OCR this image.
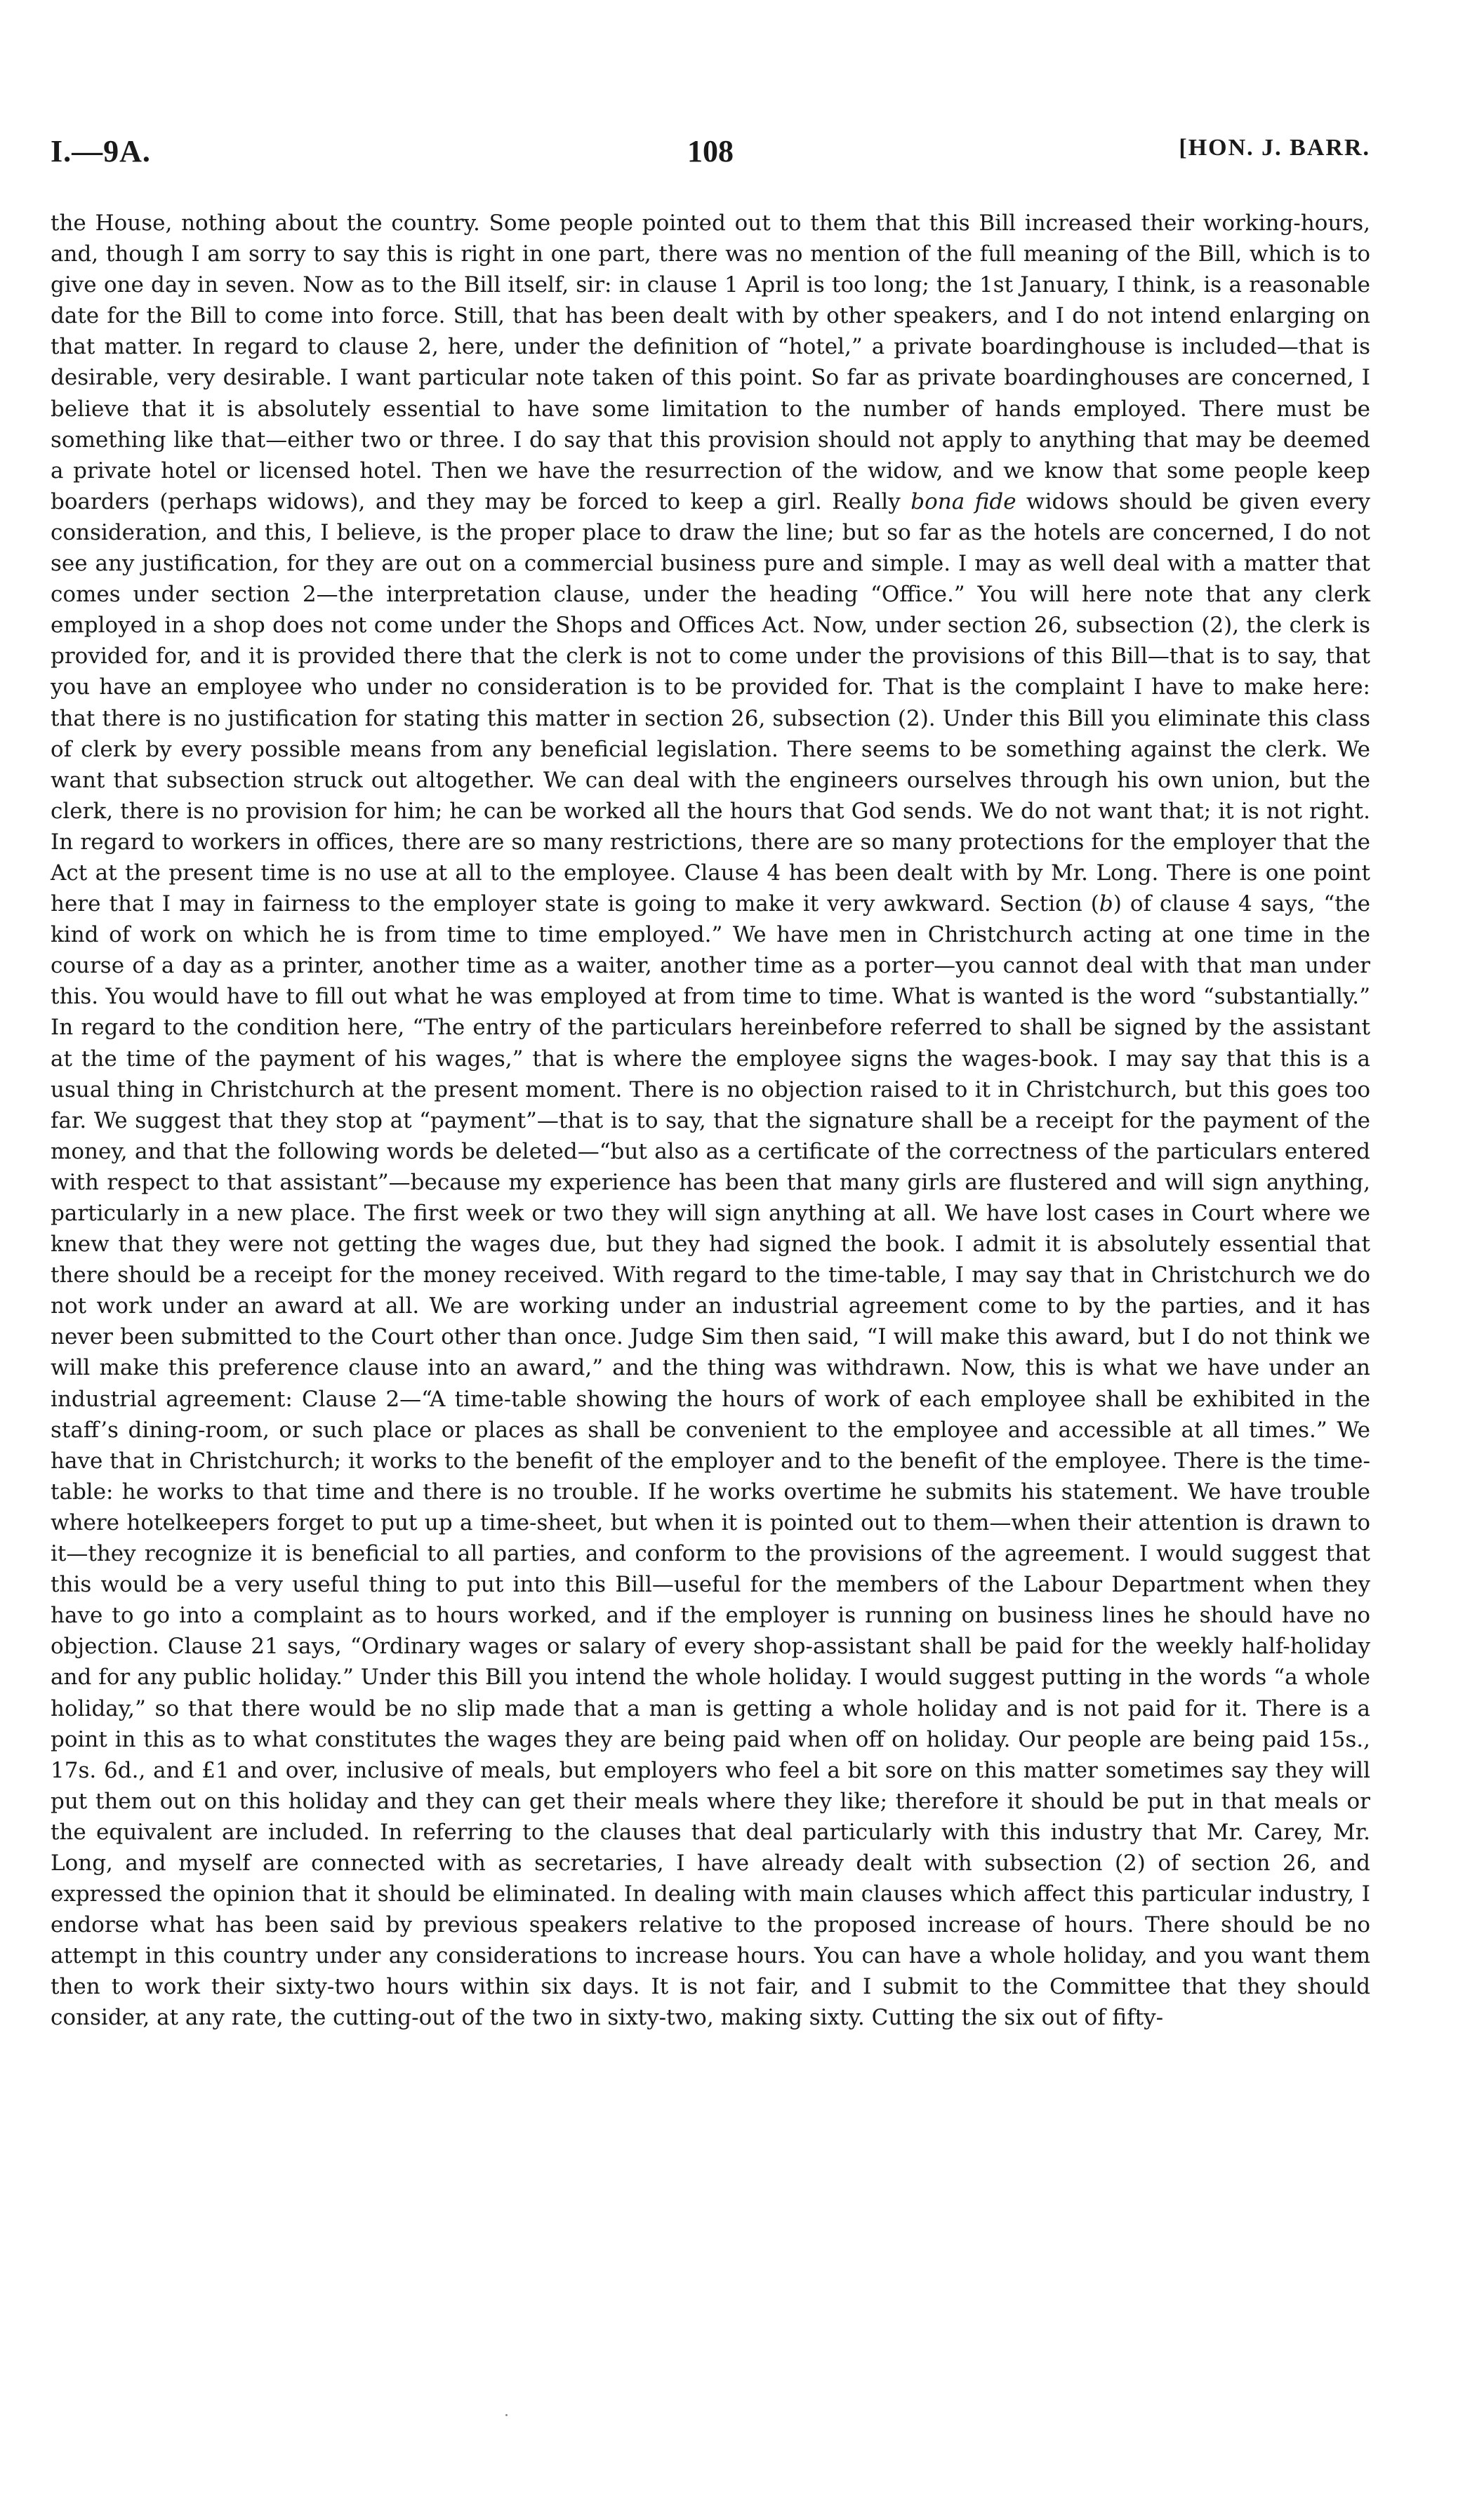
I.—9A.	108	[HON. J. BARR.

the House, nothing about the country. Some people pointed out to them that this Bill increased their working-hours, and, though I am sorry to say this is right in one part, there was no mention of the full meaning of the Bill, which is to give one day in seven. Now as to the Bill itself, sir: in clause 1 April is too long; the 1st January, I think, is a reasonable date for the Bill to come into force. Still, that has been dealt with by other speakers, and I do not intend enlarging on that matter. In regard to clause 2, here, under the definition of “hotel,” a private boardinghouse is included—that is desirable, very desirable. I want particular note taken of this point. So far as private boardinghouses are concerned, I believe that it is absolutely essential to have some limitation to the number of hands employed. There must be something like that—either two or three. I do say that this provision should not apply to anything that may be deemed a private hotel or licensed hotel. Then we have the resurrection of the widow, and we know that some people keep boarders (perhaps widows), and they may be forced to keep a girl. Really bona fide widows should be given every consideration, and this, I believe, is the proper place to draw the line; but so far as the hotels are concerned, I do not see any justification, for they are out on a commercial business pure and simple. I may as well deal with a matter that comes under section 2—the interpretation clause, under the heading “Office.” You will here note that any clerk employed in a shop does not come under the Shops and Offices Act. Now, under section 26, subsection (2), the clerk is provided for, and it is provided there that the clerk is not to come under the provisions of this Bill—that is to say, that you have an employee who under no consideration is to be provided for. That is the complaint I have to make here: that there is no justification for stating this matter in section 26, subsection (2). Under this Bill you eliminate this class of clerk by every possible means from any beneficial legislation. There seems to be something against the clerk. We want that subsection struck out altogether. We can deal with the engineers ourselves through his own union, but the clerk, there is no provision for him; he can be worked all the hours that God sends. We do not want that; it is not right. In regard to workers in offices, there are so many restrictions, there are so many protections for the employer that the Act at the present time is no use at all to the employee. Clause 4 has been dealt with by Mr. Long. There is one point here that I may in fairness to the employer state is going to make it very awkward. Section (b) of clause 4 says, “the kind of work on which he is from time to time employed.” We have men in Christchurch acting at one time in the course of a day as a printer, another time as a waiter, another time as a porter—you cannot deal with that man under this. You would have to fill out what he was employed at from time to time. What is wanted is the word “substantially.” In regard to the condition here, “The entry of the particulars hereinbefore referred to shall be signed by the assistant at the time of the payment of his wages,” that is where the employee signs the wages-book. I may say that this is a usual thing in Christchurch at the present moment. There is no objection raised to it in Christchurch, but this goes too far. We suggest that they stop at “payment”—that is to say, that the signature shall be a receipt for the payment of the money, and that the following words be deleted—“but also as a certificate of the correctness of the particulars entered with respect to that assistant”—because my experience has been that many girls are flustered and will sign anything, particularly in a new place. The first week or two they will sign anything at all. We have lost cases in Court where we knew that they were not getting the wages due, but they had signed the book. I admit it is absolutely essential that there should be a receipt for the money received. With regard to the time-table, I may say that in Christchurch we do not work under an award at all. We are working under an industrial agreement come to by the parties, and it has never been submitted to the Court other than once. Judge Sim then said, “I will make this award, but I do not think we will make this preference clause into an award,” and the thing was withdrawn. Now, this is what we have under an industrial agreement: Clause 2—“A time-table showing the hours of work of each employee shall be exhibited in the staff’s dining-room, or such place or places as shall be convenient to the employee and accessible at all times.” We have that in Christchurch; it works to the benefit of the employer and to the benefit of the employee. There is the time-table: he works to that time and there is no trouble. If he works overtime he submits his statement. We have trouble where hotelkeepers forget to put up a time-sheet, but when it is pointed out to them—when their attention is drawn to it—they recognize it is beneficial to all parties, and conform to the provisions of the agreement. I would suggest that this would be a very useful thing to put into this Bill—useful for the members of the Labour Department when they have to go into a complaint as to hours worked, and if the employer is running on business lines he should have no objection. Clause 21 says, “Ordinary wages or salary of every shop-assistant shall be paid for the weekly half-holiday and for any public holiday.” Under this Bill you intend the whole holiday. I would suggest putting in the words “a whole holiday,” so that there would be no slip made that a man is getting a whole holiday and is not paid for it. There is a point in this as to what constitutes the wages they are being paid when off on holiday. Our people are being paid 15s., 17s. 6d., and £1 and over, inclusive of meals, but employers who feel a bit sore on this matter sometimes say they will put them out on this holiday and they can get their meals where they like; therefore it should be put in that meals or the equivalent are included. In referring to the clauses that deal particularly with this industry that Mr. Carey, Mr. Long, and myself are connected with as secretaries, I have already dealt with subsection (2) of section 26, and expressed the opinion that it should be eliminated. In dealing with main clauses which affect this particular industry, I endorse what has been said by previous speakers relative to the proposed increase of hours. There should be no attempt in this country under any considerations to increase hours. You can have a whole holiday, and you want them then to work their sixty-two hours within six days. It is not fair, and I submit to the Committee that they should consider, at any rate, the cutting-out of the two in sixty-two, making sixty. Cutting the six out of fifty-
